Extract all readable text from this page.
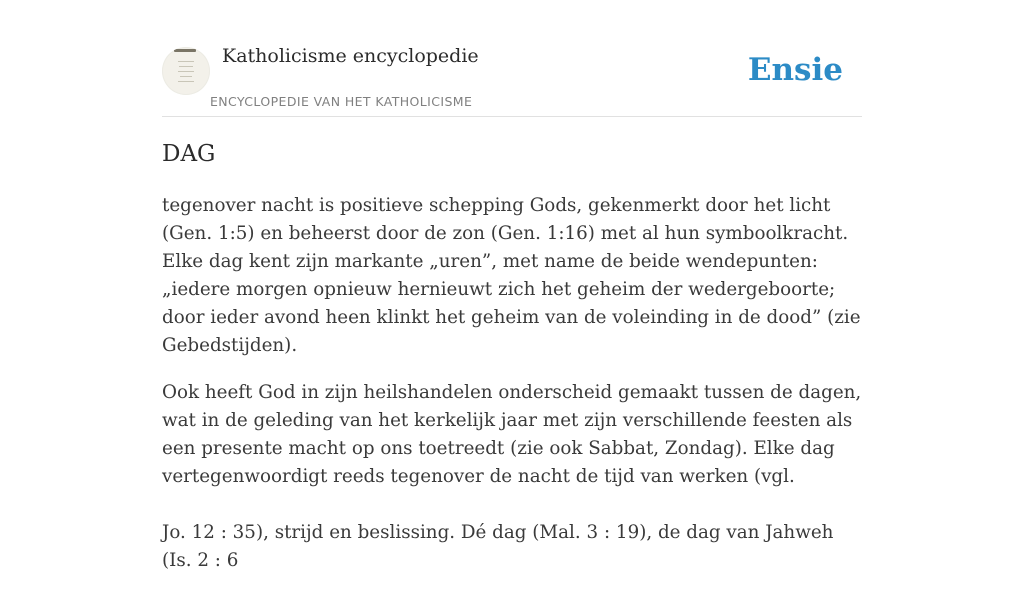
Katholicisme encyclopedie
ENCYCLOPEDIE VAN HET KATHOLICISME
Ensie
DAG

tegenover nacht is positieve schepping Gods, gekenmerkt door het licht (Gen. 1:5) en beheerst door de zon (Gen. 1:16) met al hun symboolkracht. Elke dag kent zijn markante „uren”, met name de beide wendepunten: „iedere morgen opnieuw hernieuwt zich het geheim der wedergeboorte; door ieder avond heen klinkt het geheim van de voleinding in de dood” (zie Gebedstijden).

Ook heeft God in zijn heilshandelen onderscheid gemaakt tussen de dagen, wat in de geleding van het kerkelijk jaar met zijn verschillende feesten als een presente macht op ons toetreedt (zie ook Sabbat, Zondag). Elke dag vertegenwoordigt reeds tegenover de nacht de tijd van werken (vgl.

Jo. 12 : 35), strijd en beslissing. Dé dag (Mal. 3 : 19), de dag van Jahweh (Is. 2 : 6
